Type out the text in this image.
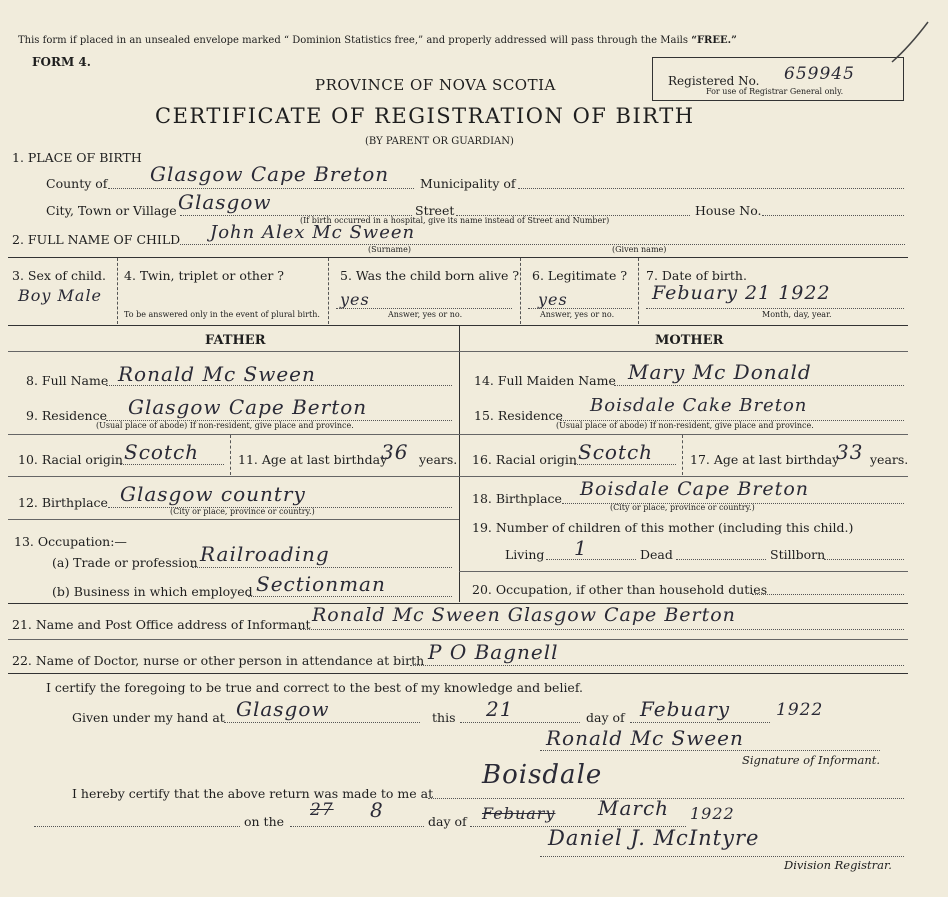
This form if placed in an unsealed envelope marked “ Dominion Statistics free,” and properly addressed will pass through the Mails “FREE.”
FORM 4.
PROVINCE OF NOVA SCOTIA
CERTIFICATE OF REGISTRATION OF BIRTH
(BY PARENT OR GUARDIAN)
Registered No. 659945
For use of Registrar General only.
1. PLACE OF BIRTH
County of Glasgow Cape Breton Municipality of
City, Town or Village Glasgow	Street	House No.
(If birth occurred in a hospital, give its name instead of Street and Number)
2. FULL NAME OF CHILD John Alex Mc Sween
(Surname)	(Given name)
3. Sex of child.
Boy Male
4. Twin, triplet or other ?
To be answered only in the event of plural birth.
5. Was the child born alive ?
yes
Answer, yes or no.
6. Legitimate ?
yes
Answer, yes or no.
7. Date of birth.
Febuary 21 1922
Month, day, year.
FATHER	MOTHER
8. Full Name Ronald Mc Sween
9. Residence Glasgow Cape Berton
(Usual place of abode) If non-resident, give place and province.
10. Racial origin Scotch	11. Age at last birthday
36 years.
12. Birthplace Glasgow country
(City or place, province or country.)
13. Occupation:—
(a) Trade or profession Railroading
(b) Business in which employed Sectionman
14. Full Maiden Name Mary Mc Donald
15. Residence Boisdale Cake Breton
(Usual place of abode) If non-resident, give place and province.
16. Racial origin Scotch	17. Age at last birthday
33 years.
18. Birthplace Boisdale Cape Breton
(City or place, province or country.)
19. Number of children of this mother (including this child.)
Living 1	Dead	Stillborn
20. Occupation, if other than household duties
21. Name and Post Office address of Informant Ronald Mc Sween Glasgow Cape Berton
22. Name of Doctor, nurse or other person in attendance at birth P O Bagnell
I certify the foregoing to be true and correct to the best of my knowledge and belief.
Given under my hand at Glasgow	this 21	day of Febuary	1922
Ronald Mc Sween
Signature of Informant.
I hereby certify that the above return was made to me at
Boisdale
on the
27 8	day of Febuary March 1922
Daniel J. McIntyre
Division Registrar.
